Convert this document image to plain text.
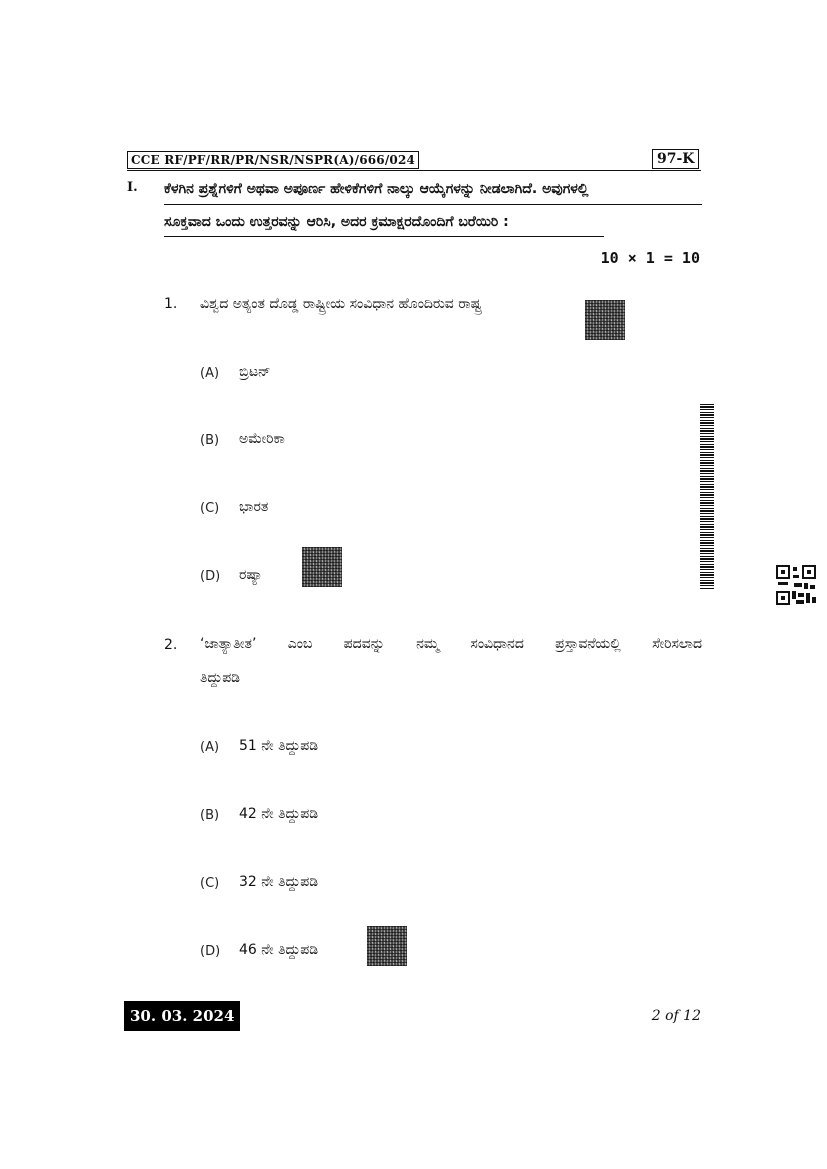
CCE RF/PF/RR/PR/NSR/NSPR(A)/666/024	97-K
I. ಕೆಳಗಿನ ಪ್ರಶ್ನೆಗಳಿಗೆ ಅಥವಾ ಅಪೂರ್ಣ ಹೇಳಿಕೆಗಳಿಗೆ ನಾಲ್ಕು ಆಯ್ಕೆಗಳನ್ನು ನೀಡಲಾಗಿದೆ. ಅವುಗಳಲ್ಲಿ
ಸೂಕ್ತವಾದ ಒಂದು ಉತ್ತರವನ್ನು ಆರಿಸಿ, ಅದರ ಕ್ರಮಾಕ್ಷರದೊಂದಿಗೆ ಬರೆಯಿರಿ :
10 × 1 = 10
1. ವಿಶ್ವದ ಅತ್ಯಂತ ದೊಡ್ಡ ರಾಷ್ಟ್ರೀಯ ಸಂವಿಧಾನ ಹೊಂದಿರುವ ರಾಷ್ಟ್ರ
(A) ಬ್ರಿಟನ್
(B) ಅಮೇರಿಕಾ
(C) ಭಾರತ
(D) ರಷ್ಯಾ
2. ‘ಜಾತ್ಯಾತೀತ’ ಎಂಬ ಪದವನ್ನು ನಮ್ಮ ಸಂವಿಧಾನದ ಪ್ರಸ್ತಾವನೆಯಲ್ಲಿ ಸೇರಿಸಲಾದ
ತಿದ್ದುಪಡಿ
(A) 51 ನೇ ತಿದ್ದುಪಡಿ
(B) 42 ನೇ ತಿದ್ದುಪಡಿ
(C) 32 ನೇ ತಿದ್ದುಪಡಿ
(D) 46 ನೇ ತಿದ್ದುಪಡಿ
30. 03. 2024	2 of 12
